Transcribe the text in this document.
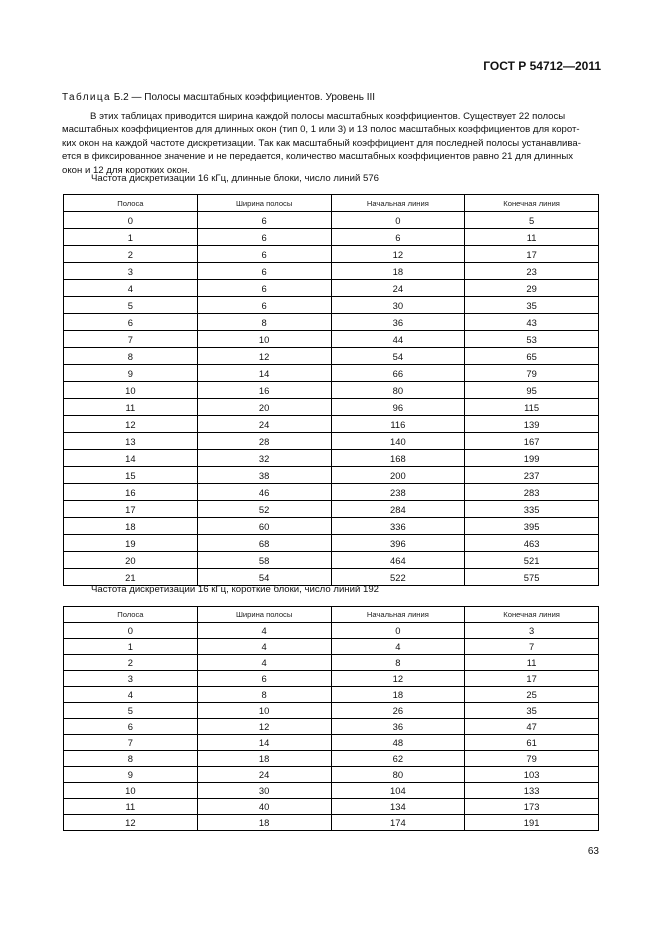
ГОСТ Р 54712—2011
Таблица Б.2 — Полосы масштабных коэффициентов. Уровень III

В этих таблицах приводится ширина каждой полосы масштабных коэффициентов. Существует 22 полосы
масштабных коэффициентов для длинных окон (тип 0, 1 или 3) и 13 полос масштабных коэффициентов для корот-
ких окон на каждой частоте дискретизации. Так как масштабный коэффициент для последней полосы устанавлива-
ется в фиксированное значение и не передается, количество масштабных коэффициентов равно 21 для длинных
окон и 12 для коротких окон.

Частота дискретизации 16 кГц, длинные блоки, число линий 576
Полоса	Ширина полосы	Начальная линия	Конечная линия
0	6	0	5
1	6	6	11
2	6	12	17
3	6	18	23
4	6	24	29
5	6	30	35
6	8	36	43
7	10	44	53
8	12	54	65
9	14	66	79
10	16	80	95
11	20	96	115
12	24	116	139
13	28	140	167
14	32	168	199
15	38	200	237
16	46	238	283
17	52	284	335
18	60	336	395
19	68	396	463
20	58	464	521
21	54	522	575
Частота дискретизации 16 кГц, короткие блоки, число линий 192
Полоса	Ширина полосы	Начальная линия	Конечная линия
0	4	0	3
1	4	4	7
2	4	8	11
3	6	12	17
4	8	18	25
5	10	26	35
6	12	36	47
7	14	48	61
8	18	62	79
9	24	80	103
10	30	104	133
11	40	134	173
12	18	174	191
63
